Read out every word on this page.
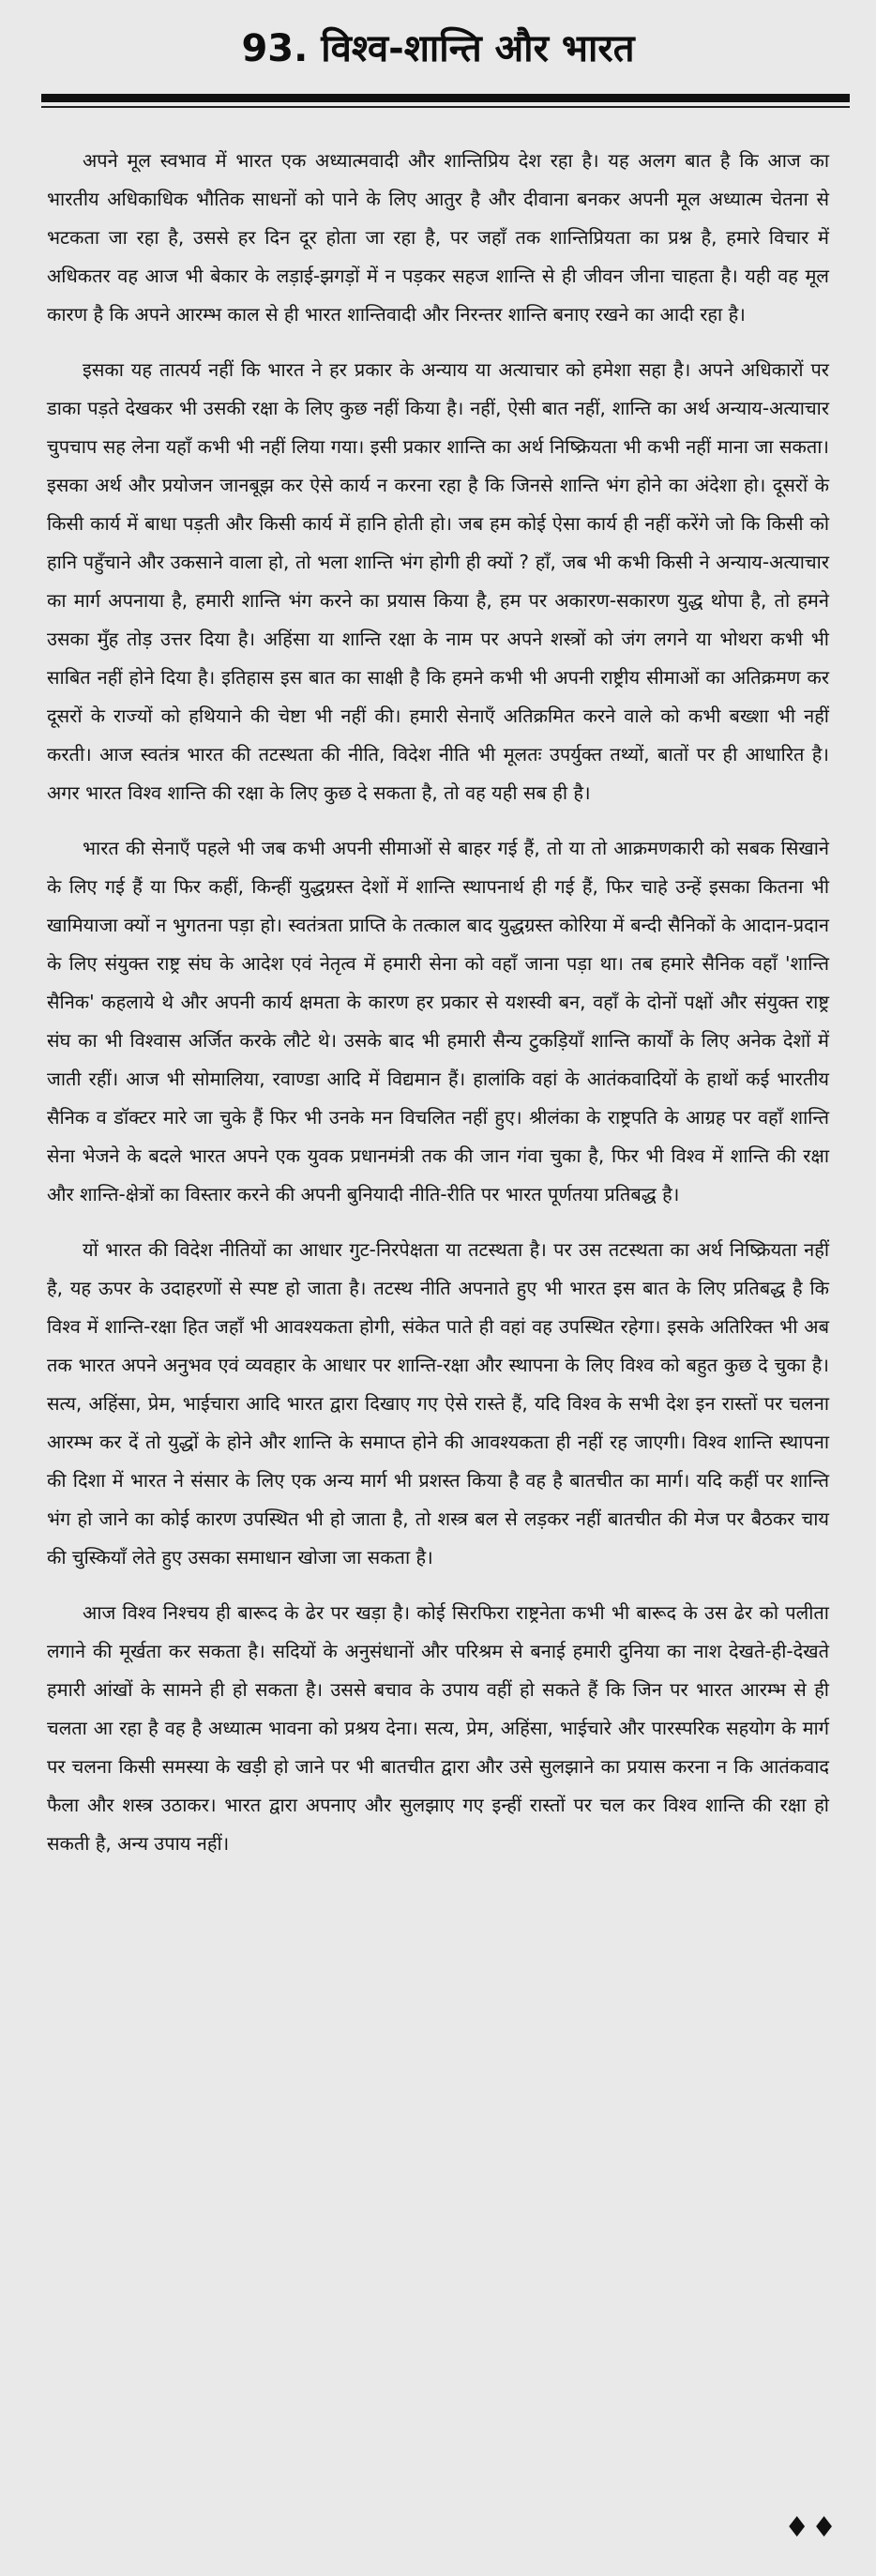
93. विश्व-शान्ति और भारत

अपने मूल स्वभाव में भारत एक अध्यात्मवादी और शान्तिप्रिय देश रहा है। यह अलग बात है कि आज का भारतीय अधिकाधिक भौतिक साधनों को पाने के लिए आतुर है और दीवाना बनकर अपनी मूल अध्यात्म चेतना से भटकता जा रहा है, उससे हर दिन दूर होता जा रहा है, पर जहाँ तक शान्तिप्रियता का प्रश्न है, हमारे विचार में अधिकतर वह आज भी बेकार के लड़ाई-झगड़ों में न पड़कर सहज शान्ति से ही जीवन जीना चाहता है। यही वह मूल कारण है कि अपने आरम्भ काल से ही भारत शान्तिवादी और निरन्तर शान्ति बनाए रखने का आदी रहा है।

इसका यह तात्पर्य नहीं कि भारत ने हर प्रकार के अन्याय या अत्याचार को हमेशा सहा है। अपने अधिकारों पर डाका पड़ते देखकर भी उसकी रक्षा के लिए कुछ नहीं किया है। नहीं, ऐसी बात नहीं, शान्ति का अर्थ अन्याय-अत्याचार चुपचाप सह लेना यहाँ कभी भी नहीं लिया गया। इसी प्रकार शान्ति का अर्थ निष्क्रियता भी कभी नहीं माना जा सकता। इसका अर्थ और प्रयोजन जानबूझ कर ऐसे कार्य न करना रहा है कि जिनसे शान्ति भंग होने का अंदेशा हो। दूसरों के किसी कार्य में बाधा पड़ती और किसी कार्य में हानि होती हो। जब हम कोई ऐसा कार्य ही नहीं करेंगे जो कि किसी को हानि पहुँचाने और उकसाने वाला हो, तो भला शान्ति भंग होगी ही क्यों ? हाँ, जब भी कभी किसी ने अन्याय-अत्याचार का मार्ग अपनाया है, हमारी शान्ति भंग करने का प्रयास किया है, हम पर अकारण-सकारण युद्ध थोपा है, तो हमने उसका मुँह तोड़ उत्तर दिया है। अहिंसा या शान्ति रक्षा के नाम पर अपने शस्त्रों को जंग लगने या भोथरा कभी भी साबित नहीं होने दिया है। इतिहास इस बात का साक्षी है कि हमने कभी भी अपनी राष्ट्रीय सीमाओं का अतिक्रमण कर दूसरों के राज्यों को हथियाने की चेष्टा भी नहीं की। हमारी सेनाएँ अतिक्रमित करने वाले को कभी बख्शा भी नहीं करती। आज स्वतंत्र भारत की तटस्थता की नीति, विदेश नीति भी मूलतः उपर्युक्त तथ्यों, बातों पर ही आधारित है। अगर भारत विश्व शान्ति की रक्षा के लिए कुछ दे सकता है, तो वह यही सब ही है।

भारत की सेनाएँ पहले भी जब कभी अपनी सीमाओं से बाहर गई हैं, तो या तो आक्रमणकारी को सबक सिखाने के लिए गई हैं या फिर कहीं, किन्हीं युद्धग्रस्त देशों में शान्ति स्थापनार्थ ही गई हैं, फिर चाहे उन्हें इसका कितना भी खामियाजा क्यों न भुगतना पड़ा हो। स्वतंत्रता प्राप्ति के तत्काल बाद युद्धग्रस्त कोरिया में बन्दी सैनिकों के आदान-प्रदान के लिए संयुक्त राष्ट्र संघ के आदेश एवं नेतृत्व में हमारी सेना को वहाँ जाना पड़ा था। तब हमारे सैनिक वहाँ 'शान्ति सैनिक' कहलाये थे और अपनी कार्य क्षमता के कारण हर प्रकार से यशस्वी बन, वहाँ के दोनों पक्षों और संयुक्त राष्ट्र संघ का भी विश्वास अर्जित करके लौटे थे। उसके बाद भी हमारी सैन्य टुकड़ियाँ शान्ति कार्यों के लिए अनेक देशों में जाती रहीं। आज भी सोमालिया, रवाण्डा आदि में विद्यमान हैं। हालांकि वहां के आतंकवादियों के हाथों कई भारतीय सैनिक व डॉक्टर मारे जा चुके हैं फिर भी उनके मन विचलित नहीं हुए। श्रीलंका के राष्ट्रपति के आग्रह पर वहाँ शान्ति सेना भेजने के बदले भारत अपने एक युवक प्रधानमंत्री तक की जान गंवा चुका है, फिर भी विश्व में शान्ति की रक्षा और शान्ति-क्षेत्रों का विस्तार करने की अपनी बुनियादी नीति-रीति पर भारत पूर्णतया प्रतिबद्ध है।

यों भारत की विदेश नीतियों का आधार गुट-निरपेक्षता या तटस्थता है। पर उस तटस्थता का अर्थ निष्क्रियता नहीं है, यह ऊपर के उदाहरणों से स्पष्ट हो जाता है। तटस्थ नीति अपनाते हुए भी भारत इस बात के लिए प्रतिबद्ध है कि विश्व में शान्ति-रक्षा हित जहाँ भी आवश्यकता होगी, संकेत पाते ही वहां वह उपस्थित रहेगा। इसके अतिरिक्त भी अब तक भारत अपने अनुभव एवं व्यवहार के आधार पर शान्ति-रक्षा और स्थापना के लिए विश्व को बहुत कुछ दे चुका है। सत्य, अहिंसा, प्रेम, भाईचारा आदि भारत द्वारा दिखाए गए ऐसे रास्ते हैं, यदि विश्व के सभी देश इन रास्तों पर चलना आरम्भ कर दें तो युद्धों के होने और शान्ति के समाप्त होने की आवश्यकता ही नहीं रह जाएगी। विश्व शान्ति स्थापना की दिशा में भारत ने संसार के लिए एक अन्य मार्ग भी प्रशस्त किया है वह है बातचीत का मार्ग। यदि कहीं पर शान्ति भंग हो जाने का कोई कारण उपस्थित भी हो जाता है, तो शस्त्र बल से लड़कर नहीं बातचीत की मेज पर बैठकर चाय की चुस्कियाँ लेते हुए उसका समाधान खोजा जा सकता है।

आज विश्व निश्चय ही बारूद के ढेर पर खड़ा है। कोई सिरफिरा राष्ट्रनेता कभी भी बारूद के उस ढेर को पलीता लगाने की मूर्खता कर सकता है। सदियों के अनुसंधानों और परिश्रम से बनाई हमारी दुनिया का नाश देखते-ही-देखते हमारी आंखों के सामने ही हो सकता है। उससे बचाव के उपाय वहीं हो सकते हैं कि जिन पर भारत आरम्भ से ही चलता आ रहा है वह है अध्यात्म भावना को प्रश्रय देना। सत्य, प्रेम, अहिंसा, भाईचारे और पारस्परिक सहयोग के मार्ग पर चलना किसी समस्या के खड़ी हो जाने पर भी बातचीत द्वारा और उसे सुलझाने का प्रयास करना न कि आतंकवाद फैला और शस्त्र उठाकर। भारत द्वारा अपनाए और सुलझाए गए इन्हीं रास्तों पर चल कर विश्व शान्ति की रक्षा हो सकती है, अन्य उपाय नहीं।

♦♦
